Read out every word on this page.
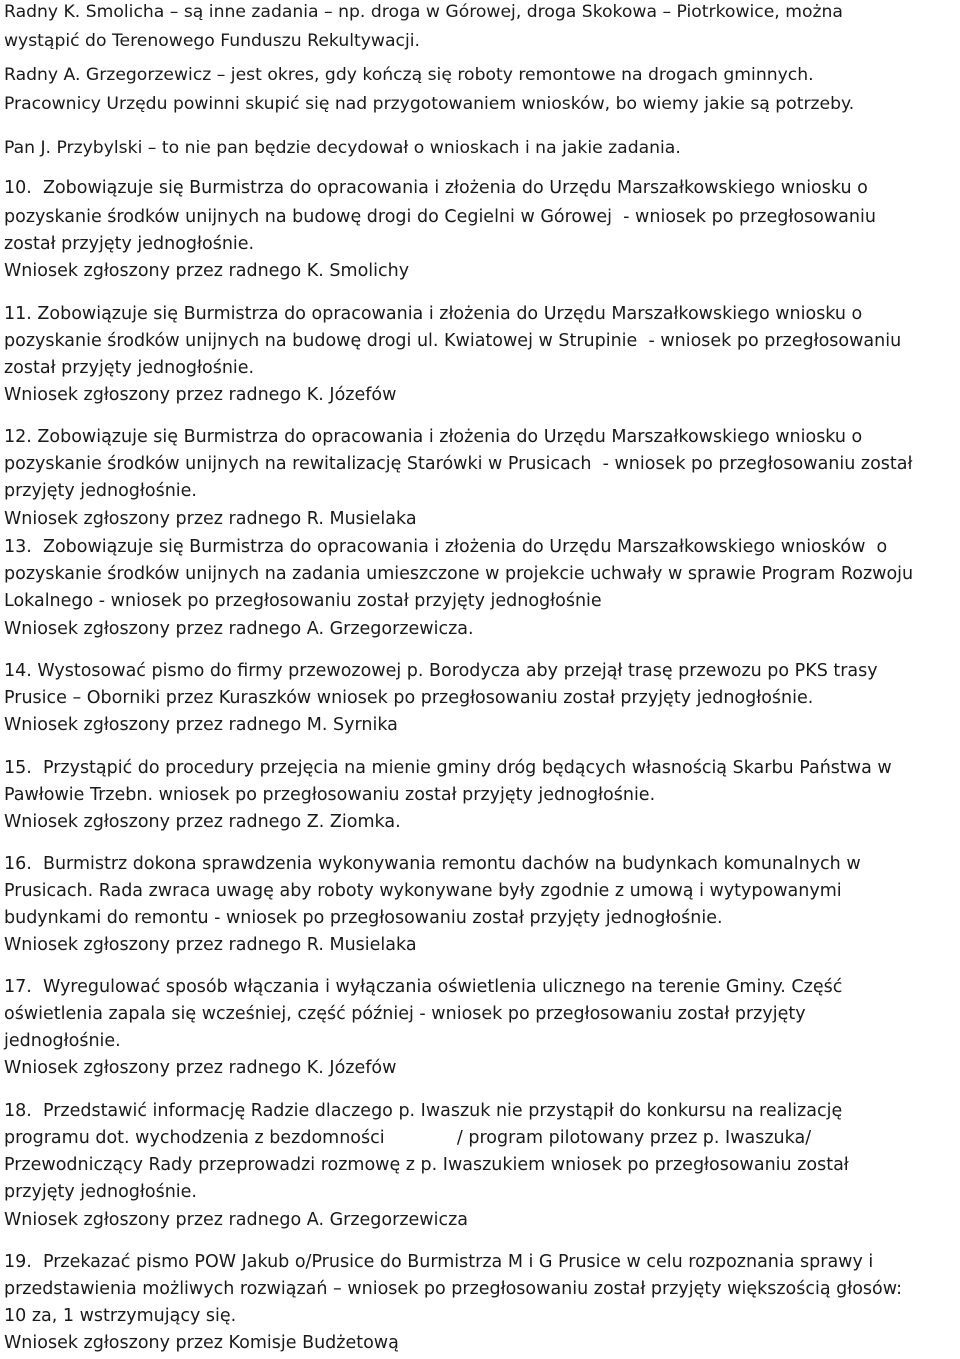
Radny K. Smolicha – są inne zadania – np. droga w Górowej, droga Skokowa – Piotrkowice, można
wystąpić do Terenowego Funduszu Rekultywacji.
Radny A. Grzegorzewicz – jest okres, gdy kończą się roboty remontowe na drogach gminnych.
Pracownicy Urzędu powinni skupić się nad przygotowaniem wniosków, bo wiemy jakie są potrzeby.
Pan J. Przybylski – to nie pan będzie decydował o wnioskach i na jakie zadania.
10.  Zobowiązuje się Burmistrza do opracowania i złożenia do Urzędu Marszałkowskiego wniosku o
pozyskanie środków unijnych na budowę drogi do Cegielni w Górowej  - wniosek po przegłosowaniu
został przyjęty jednogłośnie.
Wniosek zgłoszony przez radnego K. Smolichy
11. Zobowiązuje się Burmistrza do opracowania i złożenia do Urzędu Marszałkowskiego wniosku o
pozyskanie środków unijnych na budowę drogi ul. Kwiatowej w Strupinie  - wniosek po przegłosowaniu
został przyjęty jednogłośnie.
Wniosek zgłoszony przez radnego K. Józefów
12. Zobowiązuje się Burmistrza do opracowania i złożenia do Urzędu Marszałkowskiego wniosku o
pozyskanie środków unijnych na rewitalizację Starówki w Prusicach  - wniosek po przegłosowaniu został
przyjęty jednogłośnie.
Wniosek zgłoszony przez radnego R. Musielaka
13.  Zobowiązuje się Burmistrza do opracowania i złożenia do Urzędu Marszałkowskiego wniosków  o
pozyskanie środków unijnych na zadania umieszczone w projekcie uchwały w sprawie Program Rozwoju
Lokalnego - wniosek po przegłosowaniu został przyjęty jednogłośnie
Wniosek zgłoszony przez radnego A. Grzegorzewicza.
14. Wystosować pismo do firmy przewozowej p. Borodycza aby przejął trasę przewozu po PKS trasy
Prusice – Oborniki przez Kuraszków wniosek po przegłosowaniu został przyjęty jednogłośnie.
Wniosek zgłoszony przez radnego M. Syrnika
15.  Przystąpić do procedury przejęcia na mienie gminy dróg będących własnością Skarbu Państwa w
Pawłowie Trzebn. wniosek po przegłosowaniu został przyjęty jednogłośnie.
Wniosek zgłoszony przez radnego Z. Ziomka.
16.  Burmistrz dokona sprawdzenia wykonywania remontu dachów na budynkach komunalnych w
Prusicach. Rada zwraca uwagę aby roboty wykonywane były zgodnie z umową i wytypowanymi
budynkami do remontu - wniosek po przegłosowaniu został przyjęty jednogłośnie.
Wniosek zgłoszony przez radnego R. Musielaka
17.  Wyregulować sposób włączania i wyłączania oświetlenia ulicznego na terenie Gminy. Część
oświetlenia zapala się wcześniej, część później - wniosek po przegłosowaniu został przyjęty
jednogłośnie.
Wniosek zgłoszony przez radnego K. Józefów
18.  Przedstawić informację Radzie dlaczego p. Iwaszuk nie przystąpił do konkursu na realizację
programu dot. wychodzenia z bezdomności             / program pilotowany przez p. Iwaszuka/
Przewodniczący Rady przeprowadzi rozmowę z p. Iwaszukiem wniosek po przegłosowaniu został
przyjęty jednogłośnie.
Wniosek zgłoszony przez radnego A. Grzegorzewicza
19.  Przekazać pismo POW Jakub o/Prusice do Burmistrza M i G Prusice w celu rozpoznania sprawy i
przedstawienia możliwych rozwiązań – wniosek po przegłosowaniu został przyjęty większością głosów:
10 za, 1 wstrzymujący się.
Wniosek zgłoszony przez Komisje Budżetową
